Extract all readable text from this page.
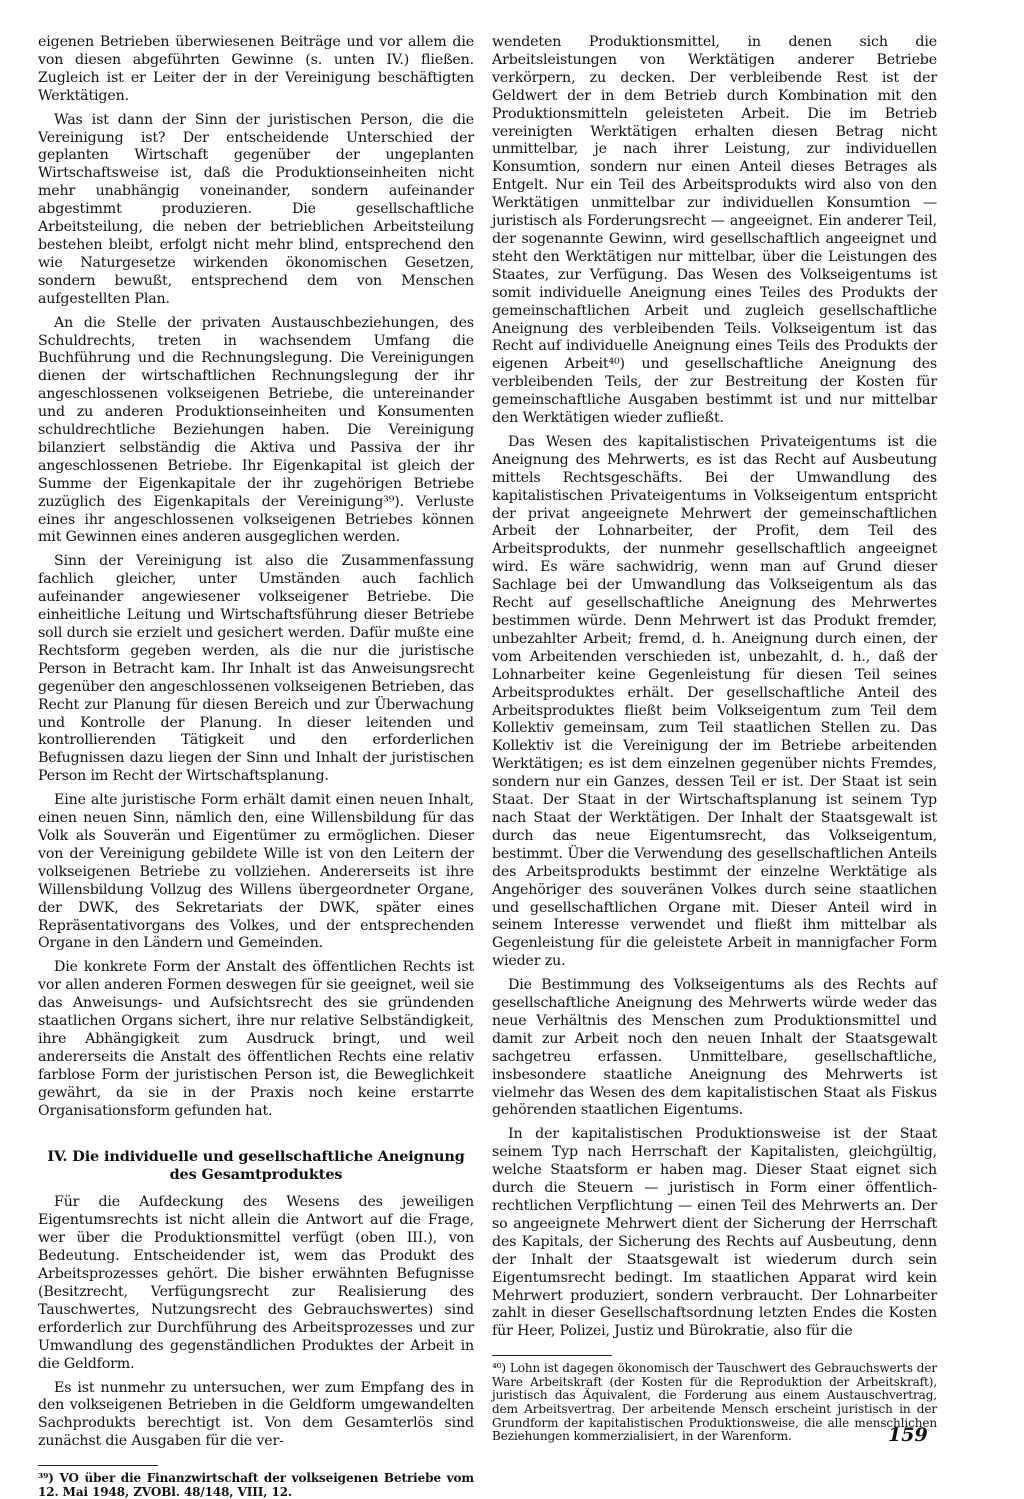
eigenen Betrieben überwiesenen Beiträge und vor allem die von diesen abgeführten Gewinne (s. unten IV.) fließen. Zugleich ist er Leiter der in der Vereinigung beschäftigten Werktätigen.

Was ist dann der Sinn der juristischen Person, die die Vereinigung ist? Der entscheidende Unterschied der geplanten Wirtschaft gegenüber der ungeplanten Wirtschaftsweise ist, daß die Produktionseinheiten nicht mehr unabhängig voneinander, sondern aufeinander abgestimmt produzieren. Die gesellschaftliche Arbeitsteilung, die neben der betrieblichen Arbeitsteilung bestehen bleibt, erfolgt nicht mehr blind, entsprechend den wie Naturgesetze wirkenden ökonomischen Gesetzen, sondern bewußt, entsprechend dem von Menschen aufgestellten Plan.

An die Stelle der privaten Austauschbeziehungen, des Schuldrechts, treten in wachsendem Umfang die Buchführung und die Rechnungslegung. Die Vereinigungen dienen der wirtschaftlichen Rechnungslegung der ihr angeschlossenen volkseigenen Betriebe, die untereinander und zu anderen Produktionseinheiten und Konsumenten schuldrechtliche Beziehungen haben. Die Vereinigung bilanziert selbständig die Aktiva und Passiva der ihr angeschlossenen Betriebe. Ihr Eigenkapital ist gleich der Summe der Eigenkapitale der ihr zugehörigen Betriebe zuzüglich des Eigenkapitals der Vereinigung³⁹). Verluste eines ihr angeschlossenen volkseigenen Betriebes können mit Gewinnen eines anderen ausgeglichen werden.

Sinn der Vereinigung ist also die Zusammenfassung fachlich gleicher, unter Umständen auch fachlich aufeinander angewiesener volkseigener Betriebe. Die einheitliche Leitung und Wirtschaftsführung dieser Betriebe soll durch sie erzielt und gesichert werden. Dafür mußte eine Rechtsform gegeben werden, als die nur die juristische Person in Betracht kam. Ihr Inhalt ist das Anweisungsrecht gegenüber den angeschlossenen volkseigenen Betrieben, das Recht zur Planung für diesen Bereich und zur Überwachung und Kontrolle der Planung. In dieser leitenden und kontrollierenden Tätigkeit und den erforderlichen Befugnissen dazu liegen der Sinn und Inhalt der juristischen Person im Recht der Wirtschaftsplanung.

Eine alte juristische Form erhält damit einen neuen Inhalt, einen neuen Sinn, nämlich den, eine Willensbildung für das Volk als Souverän und Eigentümer zu ermöglichen. Dieser von der Vereinigung gebildete Wille ist von den Leitern der volkseigenen Betriebe zu vollziehen. Andererseits ist ihre Willensbildung Vollzug des Willens übergeordneter Organe, der DWK, des Sekretariats der DWK, später eines Repräsentativorgans des Volkes, und der entsprechenden Organe in den Ländern und Gemeinden.

Die konkrete Form der Anstalt des öffentlichen Rechts ist vor allen anderen Formen deswegen für sie geeignet, weil sie das Anweisungs- und Aufsichtsrecht des sie gründenden staatlichen Organs sichert, ihre nur relative Selbständigkeit, ihre Abhängigkeit zum Ausdruck bringt, und weil andererseits die Anstalt des öffentlichen Rechts eine relativ farblose Form der juristischen Person ist, die Beweglichkeit gewährt, da sie in der Praxis noch keine erstarrte Organisationsform gefunden hat.

IV. Die individuelle und gesellschaftliche Aneignung des Gesamtproduktes

Für die Aufdeckung des Wesens des jeweiligen Eigentumsrechts ist nicht allein die Antwort auf die Frage, wer über die Produktionsmittel verfügt (oben III.), von Bedeutung. Entscheidender ist, wem das Produkt des Arbeitsprozesses gehört. Die bisher erwähnten Befugnisse (Besitzrecht, Verfügungsrecht zur Realisierung des Tauschwertes, Nutzungsrecht des Gebrauchswertes) sind erforderlich zur Durchführung des Arbeitsprozesses und zur Umwandlung des gegenständlichen Produktes der Arbeit in die Geldform.

Es ist nunmehr zu untersuchen, wer zum Empfang des in den volkseigenen Betrieben in die Geldform umgewandelten Sachprodukts berechtigt ist. Von dem Gesamterlös sind zunächst die Ausgaben für die ver-

³⁹) VO über die Finanzwirtschaft der volkseigenen Betriebe vom 12. Mai 1948, ZVOBl. 48/148, VIII, 12.

wendeten Produktionsmittel, in denen sich die Arbeitsleistungen von Werktätigen anderer Betriebe verkörpern, zu decken. Der verbleibende Rest ist der Geldwert der in dem Betrieb durch Kombination mit den Produktionsmitteln geleisteten Arbeit. Die im Betrieb vereinigten Werktätigen erhalten diesen Betrag nicht unmittelbar, je nach ihrer Leistung, zur individuellen Konsumtion, sondern nur einen Anteil dieses Betrages als Entgelt. Nur ein Teil des Arbeitsprodukts wird also von den Werktätigen unmittelbar zur individuellen Konsumtion — juristisch als Forderungsrecht — angeeignet. Ein anderer Teil, der sogenannte Gewinn, wird gesellschaftlich angeeignet und steht den Werktätigen nur mittelbar, über die Leistungen des Staates, zur Verfügung. Das Wesen des Volkseigentums ist somit individuelle Aneignung eines Teiles des Produkts der gemeinschaftlichen Arbeit und zugleich gesellschaftliche Aneignung des verbleibenden Teils. Volkseigentum ist das Recht auf individuelle Aneignung eines Teils des Produkts der eigenen Arbeit⁴⁰) und gesellschaftliche Aneignung des verbleibenden Teils, der zur Bestreitung der Kosten für gemeinschaftliche Ausgaben bestimmt ist und nur mittelbar den Werktätigen wieder zufließt.

Das Wesen des kapitalistischen Privateigentums ist die Aneignung des Mehrwerts, es ist das Recht auf Ausbeutung mittels Rechtsgeschäfts. Bei der Umwandlung des kapitalistischen Privateigentums in Volkseigentum entspricht der privat angeeignete Mehrwert der gemeinschaftlichen Arbeit der Lohnarbeiter, der Profit, dem Teil des Arbeitsprodukts, der nunmehr gesellschaftlich angeeignet wird. Es wäre sachwidrig, wenn man auf Grund dieser Sachlage bei der Umwandlung das Volkseigentum als das Recht auf gesellschaftliche Aneignung des Mehrwertes bestimmen würde. Denn Mehrwert ist das Produkt fremder, unbezahlter Arbeit; fremd, d. h. Aneignung durch einen, der vom Arbeitenden verschieden ist, unbezahlt, d. h., daß der Lohnarbeiter keine Gegenleistung für diesen Teil seines Arbeitsproduktes erhält. Der gesellschaftliche Anteil des Arbeitsproduktes fließt beim Volkseigentum zum Teil dem Kollektiv gemeinsam, zum Teil staatlichen Stellen zu. Das Kollektiv ist die Vereinigung der im Betriebe arbeitenden Werktätigen; es ist dem einzelnen gegenüber nichts Fremdes, sondern nur ein Ganzes, dessen Teil er ist. Der Staat ist sein Staat. Der Staat in der Wirtschaftsplanung ist seinem Typ nach Staat der Werktätigen. Der Inhalt der Staatsgewalt ist durch das neue Eigentumsrecht, das Volkseigentum, bestimmt. Über die Verwendung des gesellschaftlichen Anteils des Arbeitsprodukts bestimmt der einzelne Werktätige als Angehöriger des souveränen Volkes durch seine staatlichen und gesellschaftlichen Organe mit. Dieser Anteil wird in seinem Interesse verwendet und fließt ihm mittelbar als Gegenleistung für die geleistete Arbeit in mannigfacher Form wieder zu.

Die Bestimmung des Volkseigentums als des Rechts auf gesellschaftliche Aneignung des Mehrwerts würde weder das neue Verhältnis des Menschen zum Produktionsmittel und damit zur Arbeit noch den neuen Inhalt der Staatsgewalt sachgetreu erfassen. Unmittelbare, gesellschaftliche, insbesondere staatliche Aneignung des Mehrwerts ist vielmehr das Wesen des dem kapitalistischen Staat als Fiskus gehörenden staatlichen Eigentums.

In der kapitalistischen Produktionsweise ist der Staat seinem Typ nach Herrschaft der Kapitalisten, gleichgültig, welche Staatsform er haben mag. Dieser Staat eignet sich durch die Steuern — juristisch in Form einer öffentlich-rechtlichen Verpflichtung — einen Teil des Mehrwerts an. Der so angeeignete Mehrwert dient der Sicherung der Herrschaft des Kapitals, der Sicherung des Rechts auf Ausbeutung, denn der Inhalt der Staatsgewalt ist wiederum durch sein Eigentumsrecht bedingt. Im staatlichen Apparat wird kein Mehrwert produziert, sondern verbraucht. Der Lohnarbeiter zahlt in dieser Gesellschaftsordnung letzten Endes die Kosten für Heer, Polizei, Justiz und Bürokratie, also für die

⁴⁰) Lohn ist dagegen ökonomisch der Tauschwert des Gebrauchswerts der Ware Arbeitskraft (der Kosten für die Reproduktion der Arbeitskraft), juristisch das Äquivalent, die Forderung aus einem Austauschvertrag, dem Arbeitsvertrag. Der arbeitende Mensch erscheint juristisch in der Grundform der kapitalistischen Produktionsweise, die alle menschlichen Beziehungen kommerzialisiert, in der Warenform.	159
